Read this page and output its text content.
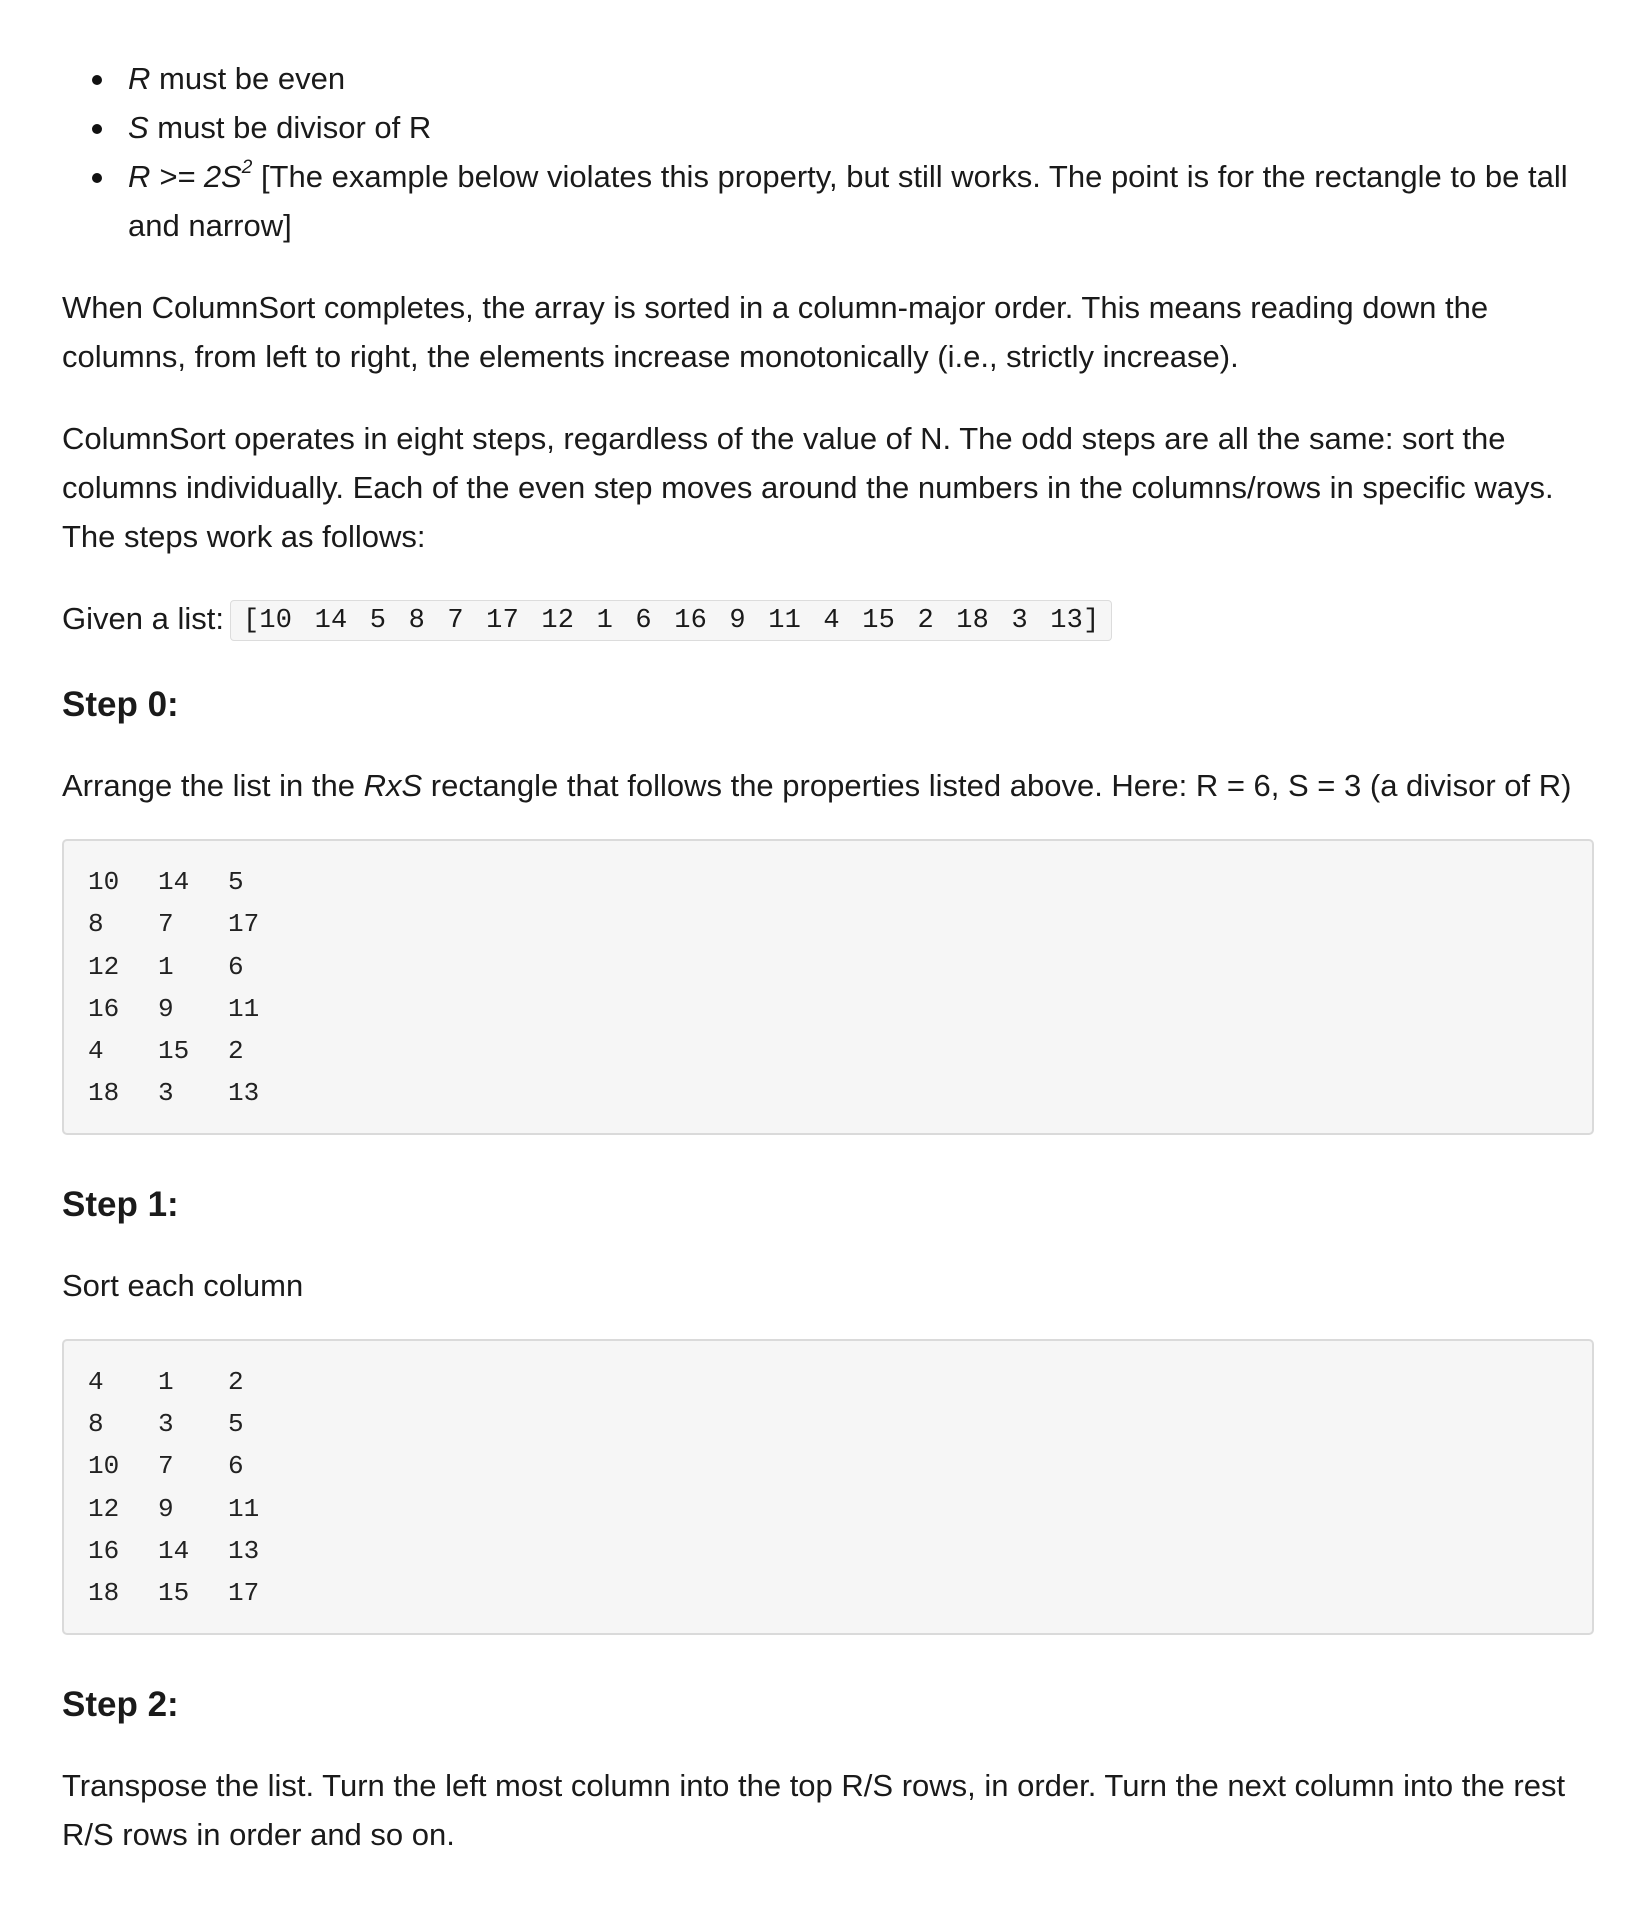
R must be even
S must be divisor of R
$R >= 2S^2$ [The example below violates this property, but still works. The point is for the rectangle to be tall and narrow]

When ColumnSort completes, the array is sorted in a column-major order. This means reading down the columns, from left to right, the elements increase monotonically (i.e., strictly increase).

ColumnSort operates in eight steps, regardless of the value of N. The odd steps are all the same: sort the columns individually. Each of the even step moves around the numbers in the columns/rows in specific ways. The steps work as follows:

Given a list: [10 14 5 8 7 17 12 1 6 16 9 11 4 15 2 18 3 13]

Step 0:

Arrange the list in the RxS rectangle that follows the properties listed above. Here: R = 6, S = 3 (a divisor of R)

10	14	5
8	7	17
12	1	6
16	9	11
4	15	2
18	3	13
Step 1:

Sort each column

4	1	2
8	3	5
10	7	6
12	9	11
16	14	13
18	15	17
Step 2:

Transpose the list. Turn the left most column into the top R/S rows, in order. Turn the next column into the rest R/S rows in order and so on.
